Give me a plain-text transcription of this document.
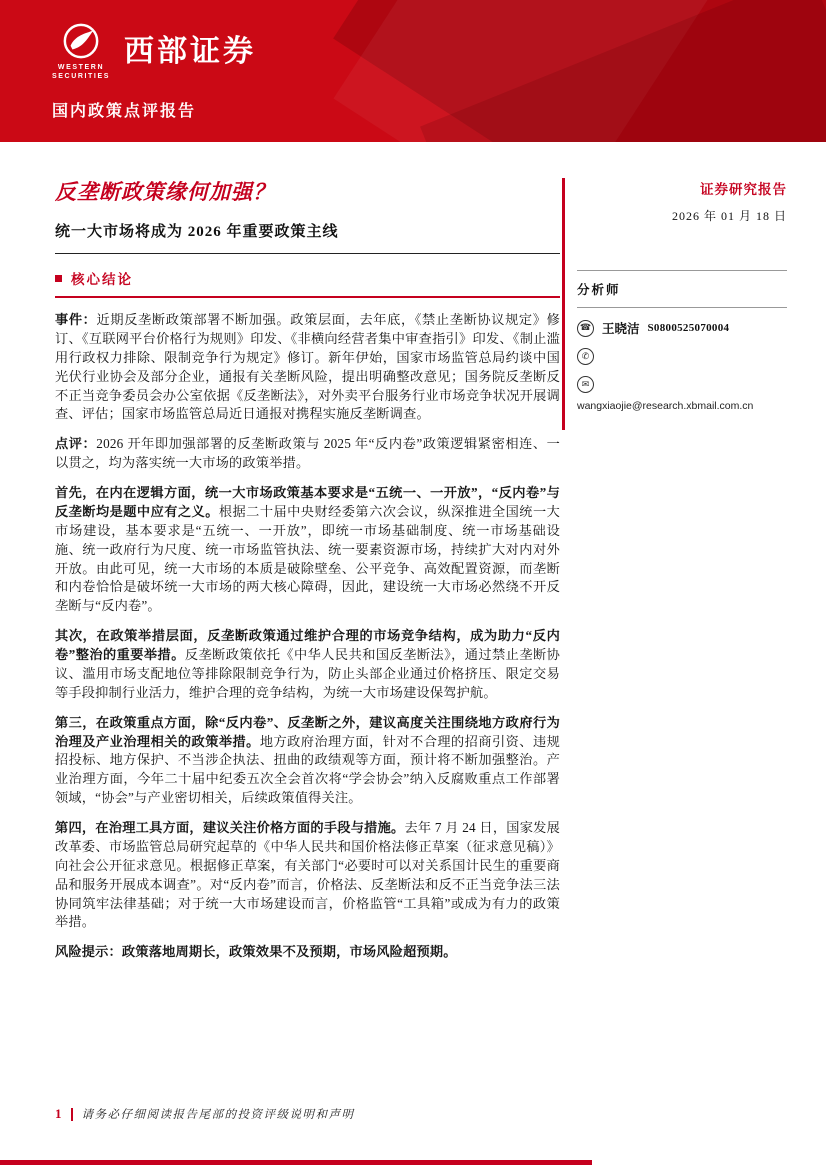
WESTERN
SECURITIES
西部证券
国内政策点评报告
反垄断政策缘何加强？
统一大市场将成为 2026 年重要政策主线
核心结论

事件：近期反垄断政策部署不断加强。政策层面，去年底，《禁止垄断协议规定》修订、《互联网平台价格行为规则》印发、《非横向经营者集中审查指引》印发、《制止滥用行政权力排除、限制竞争行为规定》修订。新年伊始，国家市场监管总局约谈中国光伏行业协会及部分企业，通报有关垄断风险，提出明确整改意见；国务院反垄断反不正当竞争委员会办公室依据《反垄断法》，对外卖平台服务行业市场竞争状况开展调查、评估；国家市场监管总局近日通报对携程实施反垄断调查。

点评：2026 开年即加强部署的反垄断政策与 2025 年“反内卷”政策逻辑紧密相连、一以贯之，均为落实统一大市场的政策举措。

首先，在内在逻辑方面，统一大市场政策基本要求是“五统一、一开放”，“反内卷”与反垄断均是题中应有之义。根据二十届中央财经委第六次会议，纵深推进全国统一大市场建设，基本要求是“五统一、一开放”，即统一市场基础制度、统一市场基础设施、统一政府行为尺度、统一市场监管执法、统一要素资源市场，持续扩大对内对外开放。由此可见，统一大市场的本质是破除壁垒、公平竞争、高效配置资源，而垄断和内卷恰恰是破坏统一大市场的两大核心障碍，因此，建设统一大市场必然绕不开反垄断与“反内卷”。

其次，在政策举措层面，反垄断政策通过维护合理的市场竞争结构，成为助力“反内卷”整治的重要举措。反垄断政策依托《中华人民共和国反垄断法》，通过禁止垄断协议、滥用市场支配地位等排除限制竞争行为，防止头部企业通过价格挤压、限定交易等手段抑制行业活力，维护合理的竞争结构，为统一大市场建设保驾护航。

第三，在政策重点方面，除“反内卷”、反垄断之外，建议高度关注围绕地方政府行为治理及产业治理相关的政策举措。地方政府治理方面，针对不合理的招商引资、违规招投标、地方保护、不当涉企执法、扭曲的政绩观等方面，预计将不断加强整治。产业治理方面，今年二十届中纪委五次全会首次将“学会协会”纳入反腐败重点工作部署领域，“协会”与产业密切相关，后续政策值得关注。

第四，在治理工具方面，建议关注价格方面的手段与措施。去年 7 月 24 日，国家发展改革委、市场监管总局研究起草的《中华人民共和国价格法修正草案（征求意见稿）》向社会公开征求意见。根据修正草案，有关部门“必要时可以对关系国计民生的重要商品和服务开展成本调查”。对“反内卷”而言，价格法、反垄断法和反不正当竞争法三法协同筑牢法律基础；对于统一大市场建设而言，价格监管“工具箱”或成为有力的政策举措。

风险提示：政策落地周期长，政策效果不及预期，市场风险超预期。

证券研究报告
2026 年 01 月 18 日
分析师
☎ 王晓洁 S0800525070004
✆
✉
wangxiaojie@research.xbmail.com.cn
1 请务必仔细阅读报告尾部的投资评级说明和声明
